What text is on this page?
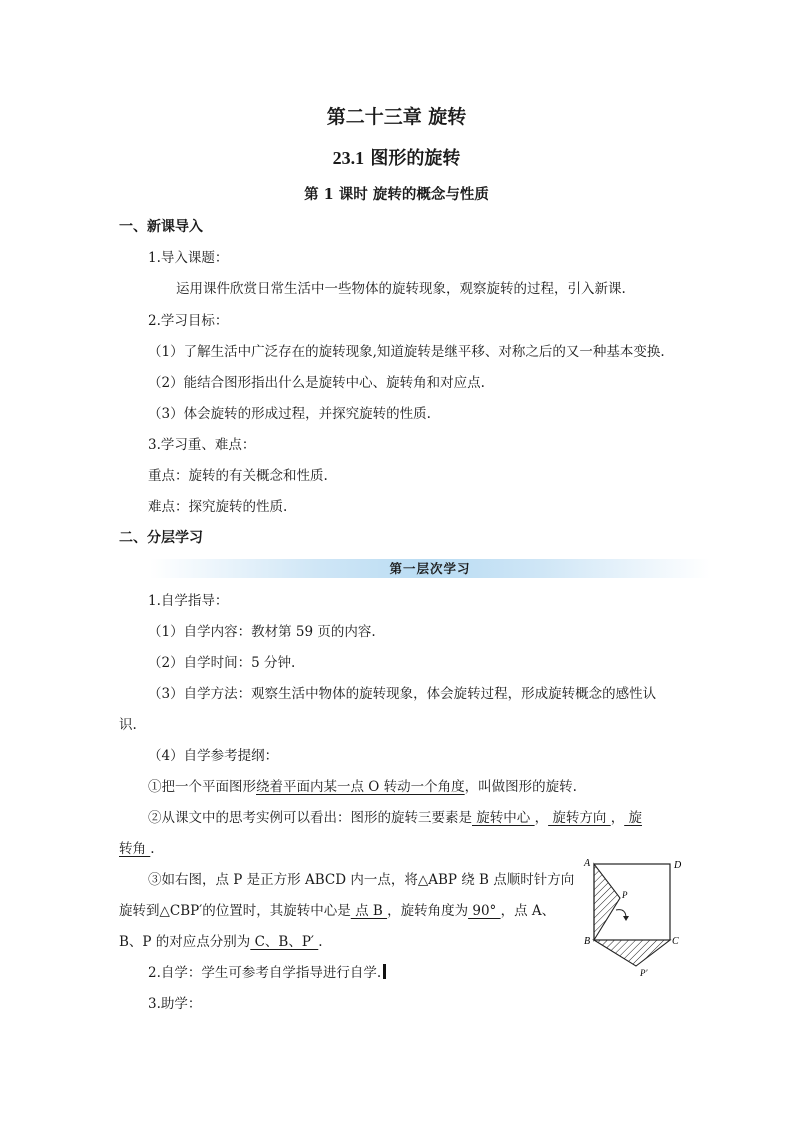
第二十三章 旋转
23.1 图形的旋转
第 1 课时 旋转的概念与性质
一、新课导入
1.导入课题：
运用课件欣赏日常生活中一些物体的旋转现象，观察旋转的过程，引入新课.
2.学习目标：
（1）了解生活中广泛存在的旋转现象,知道旋转是继平移、对称之后的又一种基本变换.
（2）能结合图形指出什么是旋转中心、旋转角和对应点.
（3）体会旋转的形成过程，并探究旋转的性质.
3.学习重、难点：
重点：旋转的有关概念和性质.
难点：探究旋转的性质.
二、分层学习
第一层次学习
1.自学指导：
（1）自学内容：教材第 59 页的内容.
（2）自学时间：5 分钟.
（3）自学方法：观察生活中物体的旋转现象，体会旋转过程，形成旋转概念的感性认
识.
（4）自学参考提纲：
①把一个平面图形绕着平面内某一点 O 转动一个角度，叫做图形的旋转.
②从课文中的思考实例可以看出：图形的旋转三要素是 旋转中心 ， 旋转方向 ， 旋
转角 .
③如右图，点 P 是正方形 ABCD 内一点，将△ABP 绕 B 点顺时针方向
旋转到△CBP′的位置时，其旋转中心是 点 B ，旋转角度为 90° ，点 A、
B、P 的对应点分别为 C、B、P′ .
2.自学：学生可参考自学指导进行自学.
3.助学：
A	D
B	C
P
P′
